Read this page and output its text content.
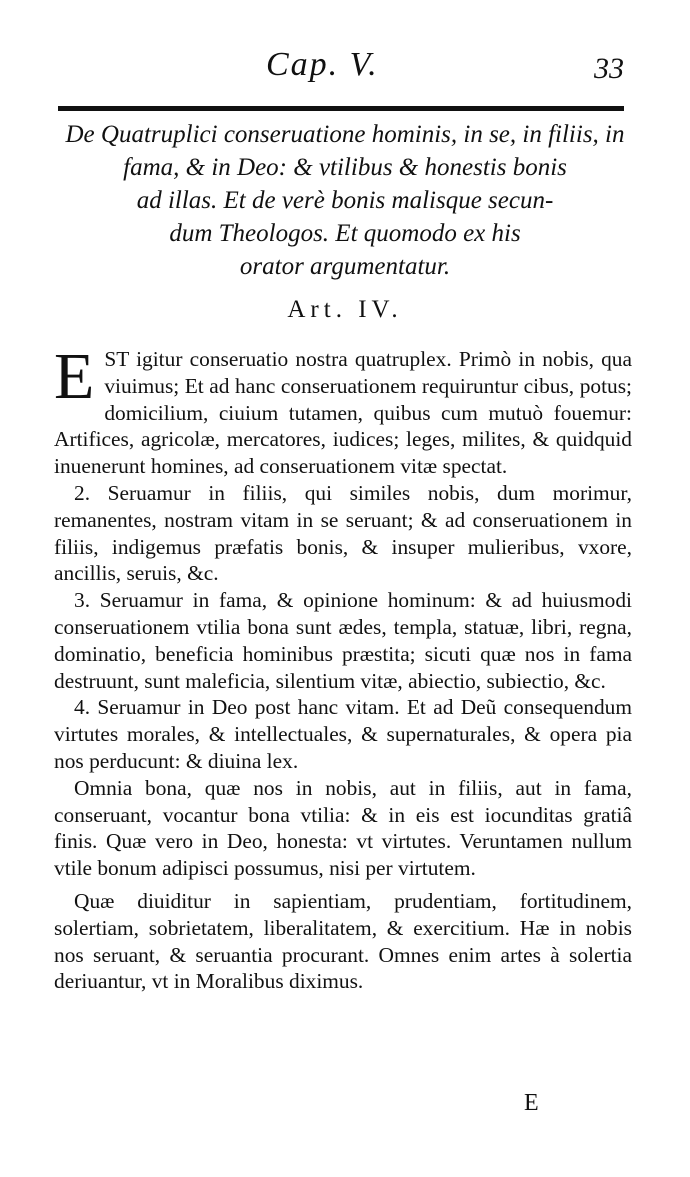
Cap. V.	33
De Quatruplici conseruatione hominis, in se, in filiis, in
fama, & in Deo: & vtilibus & honestis bonis
ad illas. Et de verè bonis malisque secun-
dum Theologos. Et quomodo ex his
orator argumentatur.
Art. IV.

EST igitur conseruatio nostra quatruplex. Primò in nobis, qua viuimus; Et ad hanc conseruationem requiruntur cibus, potus; domicilium, ciuium tutamen, quibus cum mutuò fouemur: Artifices, agricolæ, mercatores, iudices; leges, milites, & quidquid inuenerunt homines, ad conseruationem vitæ spectat.

2. Seruamur in filiis, qui similes nobis, dum morimur, remanentes, nostram vitam in se seruant; & ad conseruationem in filiis, indigemus præfatis bonis, & insuper mulieribus, vxore, ancillis, seruis, &c.

3. Seruamur in fama, & opinione hominum: & ad huiusmodi conseruationem vtilia bona sunt ædes, templa, statuæ, libri, regna, dominatio, beneficia hominibus præstita; sicuti quæ nos in fama destruunt, sunt maleficia, silentium vitæ, abiectio, subiectio, &c.

4. Seruamur in Deo post hanc vitam. Et ad Deũ consequendum virtutes morales, & intellectuales, & supernaturales, & opera pia nos perducunt: & diuina lex.

Omnia bona, quæ nos in nobis, aut in filiis, aut in fama, conseruant, vocantur bona vtilia: & in eis est iocunditas gratiâ finis. Quæ vero in Deo, honesta: vt virtutes. Veruntamen nullum vtile bonum adipisci possumus, nisi per virtutem.

Quæ diuiditur in sapientiam, prudentiam, fortitudinem, solertiam, sobrietatem, liberalitatem, & exercitium. Hæ in nobis nos seruant, & seruantia procurant. Omnes enim artes à solertia deriuantur, vt in Moralibus diximus.

E
